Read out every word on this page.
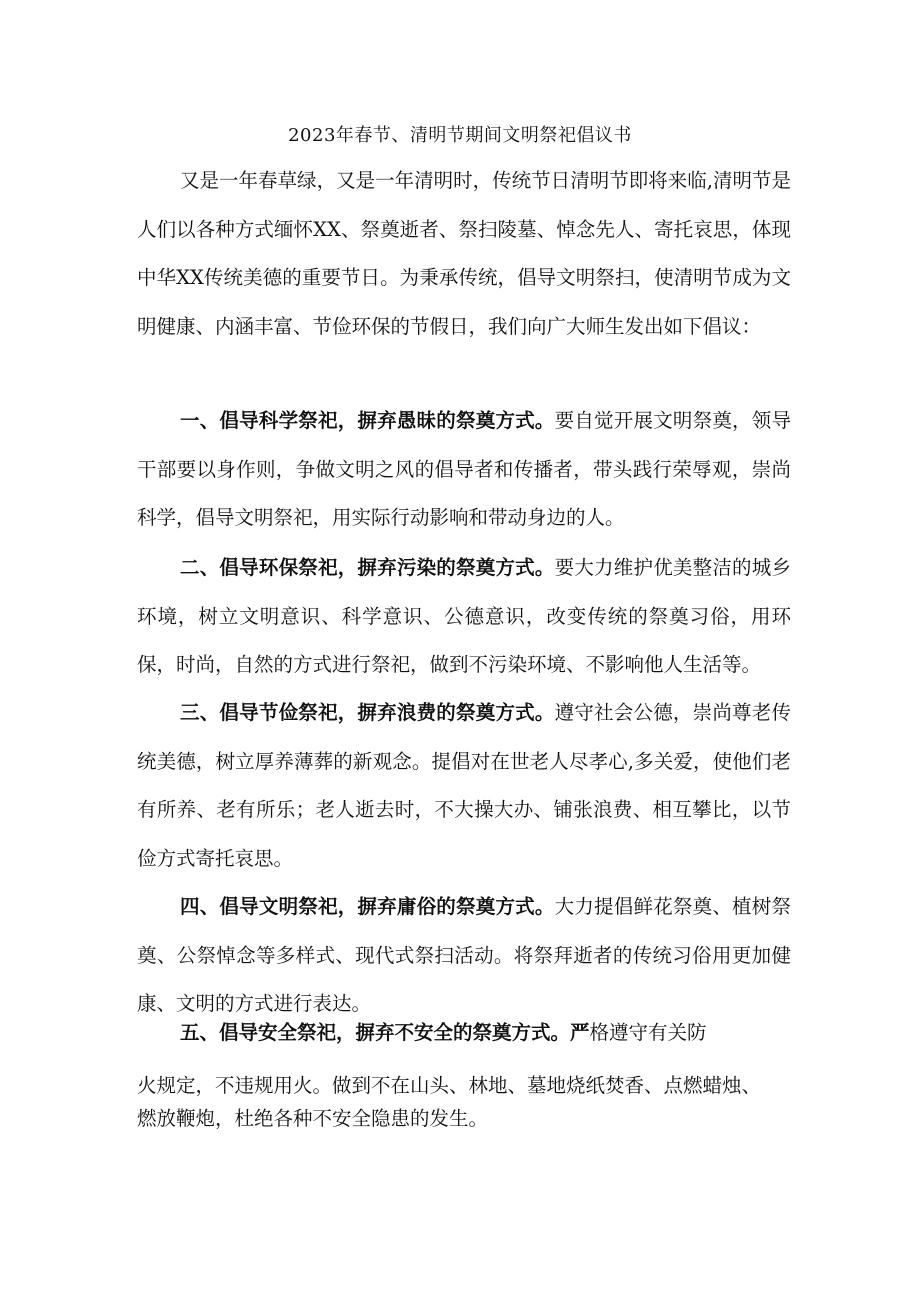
2023年春节、清明节期间文明祭祀倡议书

又是一年春草绿，又是一年清明时，传统节日清明节即将来临,清明节是人们以各种方式缅怀XX、祭奠逝者、祭扫陵墓、悼念先人、寄托哀思，体现中华XX传统美德的重要节日。为秉承传统，倡导文明祭扫，使清明节成为文明健康、内涵丰富、节俭环保的节假日，我们向广大师生发出如下倡议：

一、倡导科学祭祀，摒弃愚昧的祭奠方式。要自觉开展文明祭奠，领导干部要以身作则，争做文明之风的倡导者和传播者，带头践行荣辱观，崇尚科学，倡导文明祭祀，用实际行动影响和带动身边的人。

二、倡导环保祭祀，摒弃污染的祭奠方式。要大力维护优美整洁的城乡环境，树立文明意识、科学意识、公德意识，改变传统的祭奠习俗，用环保，时尚，自然的方式进行祭祀，做到不污染环境、不影响他人生活等。

三、倡导节俭祭祀，摒弃浪费的祭奠方式。遵守社会公德，崇尚尊老传统美德，树立厚养薄葬的新观念。提倡对在世老人尽孝心,多关爱，使他们老有所养、老有所乐；老人逝去时，不大操大办、铺张浪费、相互攀比，以节俭方式寄托哀思。

四、倡导文明祭祀，摒弃庸俗的祭奠方式。大力提倡鲜花祭奠、植树祭奠、公祭悼念等多样式、现代式祭扫活动。将祭拜逝者的传统习俗用更加健康、文明的方式进行表达。

五、倡导安全祭祀，摒弃不安全的祭奠方式。严格遵守有关防
火规定，不违规用火。做到不在山头、林地、墓地烧纸焚香、点燃蜡烛、
燃放鞭炮，杜绝各种不安全隐患的发生。
